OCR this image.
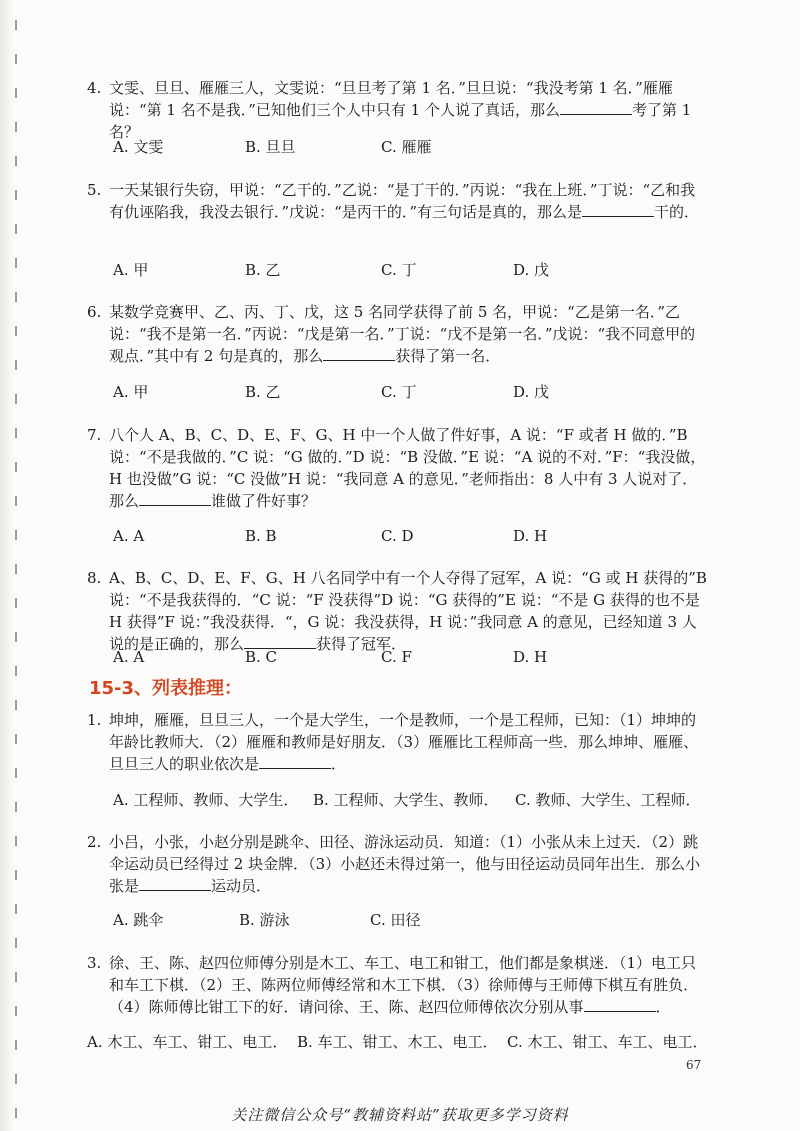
4. 文雯、旦旦、雁雁三人，文雯说：“旦旦考了第 1 名．”旦旦说：“我没考第 1 名．”雁雁说：“第 1 名不是我．”已知他们三个人中只有 1 个人说了真话，那么	考了第 1 名？
A. 文雯	B. 旦旦	C. 雁雁
5. 一天某银行失窃，甲说：“乙干的．”乙说：“是丁干的．”丙说：“我在上班．”丁说：“乙和我有仇诬陷我，我没去银行．”戊说：“是丙干的．”有三句话是真的，那么是	干的．
A. 甲	B. 乙	C. 丁	D. 戊
6. 某数学竞赛甲、乙、丙、丁、戊，这 5 名同学获得了前 5 名，甲说：“乙是第一名．”乙说：“我不是第一名．”丙说：“戊是第一名．”丁说：“戊不是第一名．”戊说：“我不同意甲的观点．”其中有 2 句是真的，那么	获得了第一名．
A. 甲	B. 乙	C. 丁	D. 戊
7. 八个人 A、B、C、D、E、F、G、H 中一个人做了件好事，A 说：“F 或者 H 做的．”B 说：“不是我做的．”C 说：“G 做的．”D 说：“B 没做．”E 说：“A 说的不对．”F：“我没做，H 也没做”G 说：“C 没做”H 说：“我同意 A 的意见．”老师指出：8 人中有 3 人说对了．那么	谁做了件好事？
A. A	B. B	C. D	D. H
8. A、B、C、D、E、F、G、H 八名同学中有一个人夺得了冠军，A 说：“G 或 H 获得的”B 说：“不是我获得的．“C 说：“F 没获得”D 说：“G 获得的”E 说：“不是 G 获得的也不是 H 获得”F 说：”我没获得．“，G 说：我没获得，H 说：”我同意 A 的意见，已经知道 3 人说的是正确的，那么	获得了冠军．
A. A	B. C	C. F	D. H
15-3、列表推理：
1. 坤坤，雁雁，旦旦三人，一个是大学生，一个是教师，一个是工程师，已知：（1）坤坤的年龄比教师大．（2）雁雁和教师是好朋友．（3）雁雁比工程师高一些．那么坤坤、雁雁、旦旦三人的职业依次是	．
A. 工程师、教师、大学生． B. 工程师、大学生、教师． C. 教师、大学生、工程师．
2. 小吕，小张，小赵分别是跳伞、田径、游泳运动员．知道：（1）小张从未上过天．（2）跳伞运动员已经得过 2 块金牌．（3）小赵还未得过第一，他与田径运动员同年出生．那么小张是	运动员．
A. 跳伞	B. 游泳	C. 田径
3. 徐、王、陈、赵四位师傅分别是木工、车工、电工和钳工，他们都是象棋迷．（1）电工只和车工下棋．（2）王、陈两位师傅经常和木工下棋．（3）徐师傅与王师傅下棋互有胜负．（4）陈师傅比钳工下的好．请问徐、王、陈、赵四位师傅依次分别从事	．
A. 木工、车工、钳工、电工． B. 车工、钳工、木工、电工． C. 木工、钳工、车工、电工．
67
关注微信公众号“教辅资料站”获取更多学习资料
